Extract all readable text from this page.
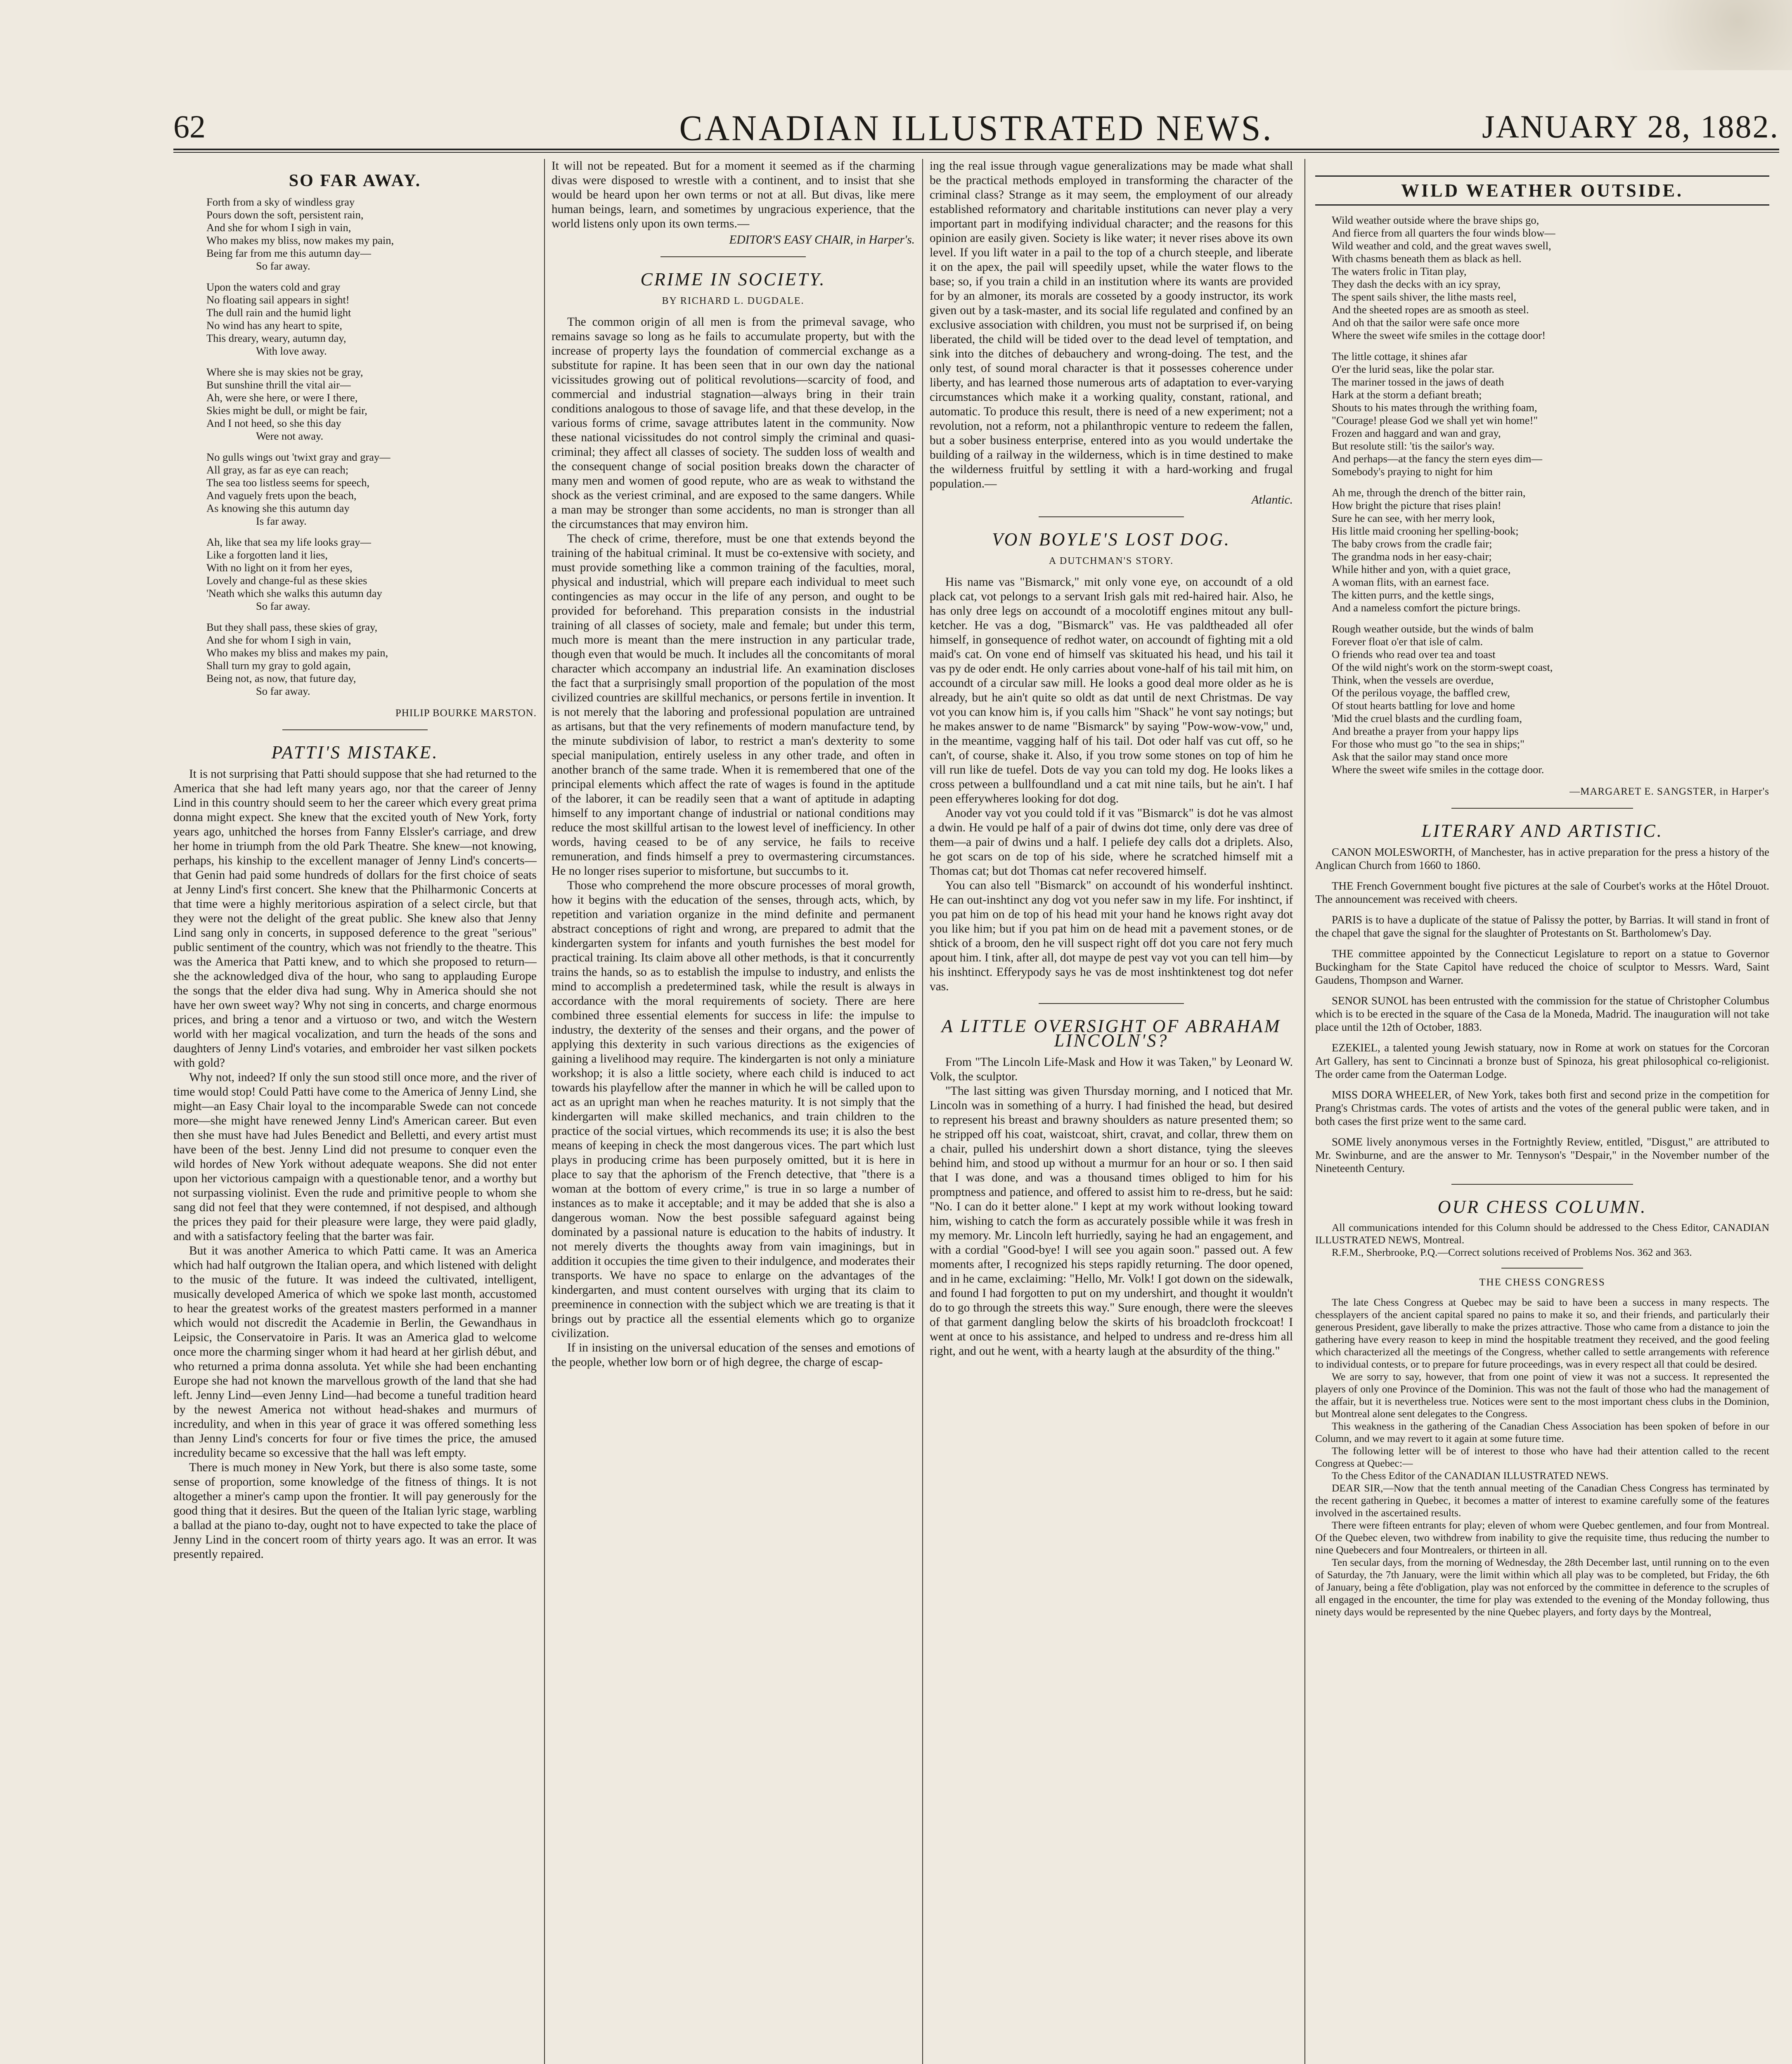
62	CANADIAN ILLUSTRATED NEWS.	JANUARY 28, 1882.
SO FAR AWAY.
Forth from a sky of windless gray
Pours down the soft, persistent rain,
And she for whom I sigh in vain,
Who makes my bliss, now makes my pain,
Being far from me this autumn day—
So far away.
Upon the waters cold and gray
No floating sail appears in sight!
The dull rain and the humid light
No wind has any heart to spite,
This dreary, weary, autumn day,
With love away.
Where she is may skies not be gray,
But sunshine thrill the vital air—
Ah, were she here, or were I there,
Skies might be dull, or might be fair,
And I not heed, so she this day
Were not away.
No gulls wings out 'twixt gray and gray—
All gray, as far as eye can reach;
The sea too listless seems for speech,
And vaguely frets upon the beach,
As knowing she this autumn day
Is far away.
Ah, like that sea my life looks gray—
Like a forgotten land it lies,
With no light on it from her eyes,
Lovely and change-ful as these skies
'Neath which she walks this autumn day
So far away.
But they shall pass, these skies of gray,
And she for whom I sigh in vain,
Who makes my bliss and makes my pain,
Shall turn my gray to gold again,
Being not, as now, that future day,
So far away.
PHILIP BOURKE MARSTON.
PATTI'S MISTAKE.

It is not surprising that Patti should suppose that she had returned to the America that she had left many years ago, nor that the career of Jenny Lind in this country should seem to her the career which every great prima donna might expect. She knew that the excited youth of New York, forty years ago, unhitched the horses from Fanny Elssler's carriage, and drew her home in triumph from the old Park Theatre. She knew—not knowing, perhaps, his kinship to the excellent manager of Jenny Lind's concerts—that Genin had paid some hundreds of dollars for the first choice of seats at Jenny Lind's first concert. She knew that the Philharmonic Concerts at that time were a highly meritorious aspiration of a select circle, but that they were not the delight of the great public. She knew also that Jenny Lind sang only in concerts, in supposed deference to the great "serious" public sentiment of the country, which was not friendly to the theatre. This was the America that Patti knew, and to which she proposed to return—she the acknowledged diva of the hour, who sang to applauding Europe the songs that the elder diva had sung. Why in America should she not have her own sweet way? Why not sing in concerts, and charge enormous prices, and bring a tenor and a virtuoso or two, and witch the Western world with her magical vocalization, and turn the heads of the sons and daughters of Jenny Lind's votaries, and embroider her vast silken pockets with gold?

Why not, indeed? If only the sun stood still once more, and the river of time would stop! Could Patti have come to the America of Jenny Lind, she might—an Easy Chair loyal to the incomparable Swede can not concede more—she might have renewed Jenny Lind's American career. But even then she must have had Jules Benedict and Belletti, and every artist must have been of the best. Jenny Lind did not presume to conquer even the wild hordes of New York without adequate weapons. She did not enter upon her victorious campaign with a questionable tenor, and a worthy but not surpassing violinist. Even the rude and primitive people to whom she sang did not feel that they were contemned, if not despised, and although the prices they paid for their pleasure were large, they were paid gladly, and with a satisfactory feeling that the barter was fair.

But it was another America to which Patti came. It was an America which had half outgrown the Italian opera, and which listened with delight to the music of the future. It was indeed the cultivated, intelligent, musically developed America of which we spoke last month, accustomed to hear the greatest works of the greatest masters performed in a manner which would not discredit the Academie in Berlin, the Gewandhaus in Leipsic, the Conservatoire in Paris. It was an America glad to welcome once more the charming singer whom it had heard at her girlish début, and who returned a prima donna assoluta. Yet while she had been enchanting Europe she had not known the marvellous growth of the land that she had left. Jenny Lind—even Jenny Lind—had become a tuneful tradition heard by the newest America not without head-shakes and murmurs of incredulity, and when in this year of grace it was offered something less than Jenny Lind's concerts for four or five times the price, the amused incredulity became so excessive that the hall was left empty.

There is much money in New York, but there is also some taste, some sense of proportion, some knowledge of the fitness of things. It is not altogether a miner's camp upon the frontier. It will pay generously for the good thing that it desires. But the queen of the Italian lyric stage, warbling a ballad at the piano to-day, ought not to have expected to take the place of Jenny Lind in the concert room of thirty years ago. It was an error. It was presently repaired.

It will not be repeated. But for a moment it seemed as if the charming divas were disposed to wrestle with a continent, and to insist that she would be heard upon her own terms or not at all. But divas, like mere human beings, learn, and sometimes by ungracious experience, that the world listens only upon its own terms.—

EDITOR'S EASY CHAIR, in Harper's.
CRIME IN SOCIETY.
BY RICHARD L. DUGDALE.

The common origin of all men is from the primeval savage, who remains savage so long as he fails to accumulate property, but with the increase of property lays the foundation of commercial exchange as a substitute for rapine. It has been seen that in our own day the national vicissitudes growing out of political revolutions—scarcity of food, and commercial and industrial stagnation—always bring in their train conditions analogous to those of savage life, and that these develop, in the various forms of crime, savage attributes latent in the community. Now these national vicissitudes do not control simply the criminal and quasi-criminal; they affect all classes of society. The sudden loss of wealth and the consequent change of social position breaks down the character of many men and women of good repute, who are as weak to withstand the shock as the veriest criminal, and are exposed to the same dangers. While a man may be stronger than some accidents, no man is stronger than all the circumstances that may environ him.

The check of crime, therefore, must be one that extends beyond the training of the habitual criminal. It must be co-extensive with society, and must provide something like a common training of the faculties, moral, physical and industrial, which will prepare each individual to meet such contingencies as may occur in the life of any person, and ought to be provided for beforehand. This preparation consists in the industrial training of all classes of society, male and female; but under this term, much more is meant than the mere instruction in any particular trade, though even that would be much. It includes all the concomitants of moral character which accompany an industrial life. An examination discloses the fact that a surprisingly small proportion of the population of the most civilized countries are skillful mechanics, or persons fertile in invention. It is not merely that the laboring and professional population are untrained as artisans, but that the very refinements of modern manufacture tend, by the minute subdivision of labor, to restrict a man's dexterity to some special manipulation, entirely useless in any other trade, and often in another branch of the same trade. When it is remembered that one of the principal elements which affect the rate of wages is found in the aptitude of the laborer, it can be readily seen that a want of aptitude in adapting himself to any important change of industrial or national conditions may reduce the most skillful artisan to the lowest level of inefficiency. In other words, having ceased to be of any service, he fails to receive remuneration, and finds himself a prey to overmastering circumstances. He no longer rises superior to misfortune, but succumbs to it.

Those who comprehend the more obscure processes of moral growth, how it begins with the education of the senses, through acts, which, by repetition and variation organize in the mind definite and permanent abstract conceptions of right and wrong, are prepared to admit that the kindergarten system for infants and youth furnishes the best model for practical training. Its claim above all other methods, is that it concurrently trains the hands, so as to establish the impulse to industry, and enlists the mind to accomplish a predetermined task, while the result is always in accordance with the moral requirements of society. There are here combined three essential elements for success in life: the impulse to industry, the dexterity of the senses and their organs, and the power of applying this dexterity in such various directions as the exigencies of gaining a livelihood may require. The kindergarten is not only a miniature workshop; it is also a little society, where each child is induced to act towards his playfellow after the manner in which he will be called upon to act as an upright man when he reaches maturity. It is not simply that the kindergarten will make skilled mechanics, and train children to the practice of the social virtues, which recommends its use; it is also the best means of keeping in check the most dangerous vices. The part which lust plays in producing crime has been purposely omitted, but it is here in place to say that the aphorism of the French detective, that "there is a woman at the bottom of every crime," is true in so large a number of instances as to make it acceptable; and it may be added that she is also a dangerous woman. Now the best possible safeguard against being dominated by a passional nature is education to the habits of industry. It not merely diverts the thoughts away from vain imaginings, but in addition it occupies the time given to their indulgence, and moderates their transports. We have no space to enlarge on the advantages of the kindergarten, and must content ourselves with urging that its claim to preeminence in connection with the subject which we are treating is that it brings out by practice all the essential elements which go to organize civilization.

If in insisting on the universal education of the senses and emotions of the people, whether low born or of high degree, the charge of escap-

ing the real issue through vague generalizations may be made what shall be the practical methods employed in transforming the character of the criminal class? Strange as it may seem, the employment of our already established reformatory and charitable institutions can never play a very important part in modifying individual character; and the reasons for this opinion are easily given. Society is like water; it never rises above its own level. If you lift water in a pail to the top of a church steeple, and liberate it on the apex, the pail will speedily upset, while the water flows to the base; so, if you train a child in an institution where its wants are provided for by an almoner, its morals are cosseted by a goody instructor, its work given out by a task-master, and its social life regulated and confined by an exclusive association with children, you must not be surprised if, on being liberated, the child will be tided over to the dead level of temptation, and sink into the ditches of debauchery and wrong-doing. The test, and the only test, of sound moral character is that it possesses coherence under liberty, and has learned those numerous arts of adaptation to ever-varying circumstances which make it a working quality, constant, rational, and automatic. To produce this result, there is need of a new experiment; not a revolution, not a reform, not a philanthropic venture to redeem the fallen, but a sober business enterprise, entered into as you would undertake the building of a railway in the wilderness, which is in time destined to make the wilderness fruitful by settling it with a hard-working and frugal population.—

Atlantic.
VON BOYLE'S LOST DOG.
A DUTCHMAN'S STORY.

His name vas "Bismarck," mit only vone eye, on accoundt of a old plack cat, vot pelongs to a servant Irish gals mit red-haired hair. Also, he has only dree legs on accoundt of a mocolotiff engines mitout any bull-ketcher. He vas a dog, "Bismarck" vas. He vas paldtheaded all ofer himself, in gonsequence of redhot water, on accoundt of fighting mit a old maid's cat. On vone end of himself vas skituated his head, und his tail it vas py de oder endt. He only carries about vone-half of his tail mit him, on accoundt of a circular saw mill. He looks a good deal more older as he is already, but he ain't quite so oldt as dat until de next Christmas. De vay vot you can know him is, if you calls him "Shack" he vont say notings; but he makes answer to de name "Bismarck" by saying "Pow-wow-vow," und, in the meantime, vagging half of his tail. Dot oder half vas cut off, so he can't, of course, shake it. Also, if you trow some stones on top of him he vill run like de tuefel. Dots de vay you can told my dog. He looks likes a cross petween a bullfoundland und a cat mit nine tails, but he ain't. I haf peen efferywheres looking for dot dog.

Anoder vay vot you could told if it vas "Bismarck" is dot he vas almost a dwin. He vould pe half of a pair of dwins dot time, only dere vas dree of them—a pair of dwins und a half. I peliefe dey calls dot a driplets. Also, he got scars on de top of his side, where he scratched himself mit a Thomas cat; but dot Thomas cat nefer recovered himself.

You can also tell "Bismarck" on accoundt of his wonderful inshtinct. He can out-inshtinct any dog vot you nefer saw in my life. For inshtinct, if you pat him on de top of his head mit your hand he knows right avay dot you like him; but if you pat him on de head mit a pavement stones, or de shtick of a broom, den he vill suspect right off dot you care not fery much apout him. I tink, after all, dot maype de pest vay vot you can tell him—by his inshtinct. Efferypody says he vas de most inshtinktenest tog dot nefer vas.

A LITTLE OVERSIGHT OF ABRAHAM LINCOLN'S?

From "The Lincoln Life-Mask and How it was Taken," by Leonard W. Volk, the sculptor.

"The last sitting was given Thursday morning, and I noticed that Mr. Lincoln was in something of a hurry. I had finished the head, but desired to represent his breast and brawny shoulders as nature presented them; so he stripped off his coat, waistcoat, shirt, cravat, and collar, threw them on a chair, pulled his undershirt down a short distance, tying the sleeves behind him, and stood up without a murmur for an hour or so. I then said that I was done, and was a thousand times obliged to him for his promptness and patience, and offered to assist him to re-dress, but he said: "No. I can do it better alone." I kept at my work without looking toward him, wishing to catch the form as accurately possible while it was fresh in my memory. Mr. Lincoln left hurriedly, saying he had an engagement, and with a cordial "Good-bye! I will see you again soon." passed out. A few moments after, I recognized his steps rapidly returning. The door opened, and in he came, exclaiming: "Hello, Mr. Volk! I got down on the sidewalk, and found I had forgotten to put on my undershirt, and thought it wouldn't do to go through the streets this way." Sure enough, there were the sleeves of that garment dangling below the skirts of his broadcloth frockcoat! I went at once to his assistance, and helped to undress and re-dress him all right, and out he went, with a hearty laugh at the absurdity of the thing."

WILD WEATHER OUTSIDE.
Wild weather outside where the brave ships go,
And fierce from all quarters the four winds blow—
Wild weather and cold, and the great waves swell,
With chasms beneath them as black as hell.
The waters frolic in Titan play,
They dash the decks with an icy spray,
The spent sails shiver, the lithe masts reel,
And the sheeted ropes are as smooth as steel.
And oh that the sailor were safe once more
Where the sweet wife smiles in the cottage door!
The little cottage, it shines afar
O'er the lurid seas, like the polar star.
The mariner tossed in the jaws of death
Hark at the storm a defiant breath;
Shouts to his mates through the writhing foam,
"Courage! please God we shall yet win home!"
Frozen and haggard and wan and gray,
But resolute still: 'tis the sailor's way.
And perhaps—at the fancy the stern eyes dim—
Somebody's praying to night for him
Ah me, through the drench of the bitter rain,
How bright the picture that rises plain!
Sure he can see, with her merry look,
His little maid crooning her spelling-book;
The baby crows from the cradle fair;
The grandma nods in her easy-chair;
While hither and yon, with a quiet grace,
A woman flits, with an earnest face.
The kitten purrs, and the kettle sings,
And a nameless comfort the picture brings.
Rough weather outside, but the winds of balm
Forever float o'er that isle of calm.
O friends who read over tea and toast
Of the wild night's work on the storm-swept coast,
Think, when the vessels are overdue,
Of the perilous voyage, the baffled crew,
Of stout hearts battling for love and home
'Mid the cruel blasts and the curdling foam,
And breathe a prayer from your happy lips
For those who must go "to the sea in ships;"
Ask that the sailor may stand once more
Where the sweet wife smiles in the cottage door.
—MARGARET E. SANGSTER, in Harper's
LITERARY AND ARTISTIC.

CANON MOLESWORTH, of Manchester, has in active preparation for the press a history of the Anglican Church from 1660 to 1860.

THE French Government bought five pictures at the sale of Courbet's works at the Hôtel Drouot. The announcement was received with cheers.

PARIS is to have a duplicate of the statue of Palissy the potter, by Barrias. It will stand in front of the chapel that gave the signal for the slaughter of Protestants on St. Bartholomew's Day.

THE committee appointed by the Connecticut Legislature to report on a statue to Governor Buckingham for the State Capitol have reduced the choice of sculptor to Messrs. Ward, Saint Gaudens, Thompson and Warner.

SENOR SUNOL has been entrusted with the commission for the statue of Christopher Columbus which is to be erected in the square of the Casa de la Moneda, Madrid. The inauguration will not take place until the 12th of October, 1883.

EZEKIEL, a talented young Jewish statuary, now in Rome at work on statues for the Corcoran Art Gallery, has sent to Cincinnati a bronze bust of Spinoza, his great philosophical co-religionist. The order came from the Oaterman Lodge.

MISS DORA WHEELER, of New York, takes both first and second prize in the competition for Prang's Christmas cards. The votes of artists and the votes of the general public were taken, and in both cases the first prize went to the same card.

SOME lively anonymous verses in the Fortnightly Review, entitled, "Disgust," are attributed to Mr. Swinburne, and are the answer to Mr. Tennyson's "Despair," in the November number of the Nineteenth Century.

OUR CHESS COLUMN.

All communications intended for this Column should be addressed to the Chess Editor, CANADIAN ILLUSTRATED NEWS, Montreal.

R.F.M., Sherbrooke, P.Q.—Correct solutions received of Problems Nos. 362 and 363.

THE CHESS CONGRESS

The late Chess Congress at Quebec may be said to have been a success in many respects. The chessplayers of the ancient capital spared no pains to make it so, and their friends, and particularly their generous President, gave liberally to make the prizes attractive. Those who came from a distance to join the gathering have every reason to keep in mind the hospitable treatment they received, and the good feeling which characterized all the meetings of the Congress, whether called to settle arrangements with reference to individual contests, or to prepare for future proceedings, was in every respect all that could be desired.

We are sorry to say, however, that from one point of view it was not a success. It represented the players of only one Province of the Dominion. This was not the fault of those who had the management of the affair, but it is nevertheless true. Notices were sent to the most important chess clubs in the Dominion, but Montreal alone sent delegates to the Congress.

This weakness in the gathering of the Canadian Chess Association has been spoken of before in our Column, and we may revert to it again at some future time.

The following letter will be of interest to those who have had their attention called to the recent Congress at Quebec:—

To the Chess Editor of the CANADIAN ILLUSTRATED NEWS.

DEAR SIR,—Now that the tenth annual meeting of the Canadian Chess Congress has terminated by the recent gathering in Quebec, it becomes a matter of interest to examine carefully some of the features involved in the ascertained results.

There were fifteen entrants for play; eleven of whom were Quebec gentlemen, and four from Montreal. Of the Quebec eleven, two withdrew from inability to give the requisite time, thus reducing the number to nine Quebecers and four Montrealers, or thirteen in all.

Ten secular days, from the morning of Wednesday, the 28th December last, until running on to the even of Saturday, the 7th January, were the limit within which all play was to be completed, but Friday, the 6th of January, being a fête d'obligation, play was not enforced by the committee in deference to the scruples of all engaged in the encounter, the time for play was extended to the evening of the Monday following, thus ninety days would be represented by the nine Quebec players, and forty days by the Montreal,
